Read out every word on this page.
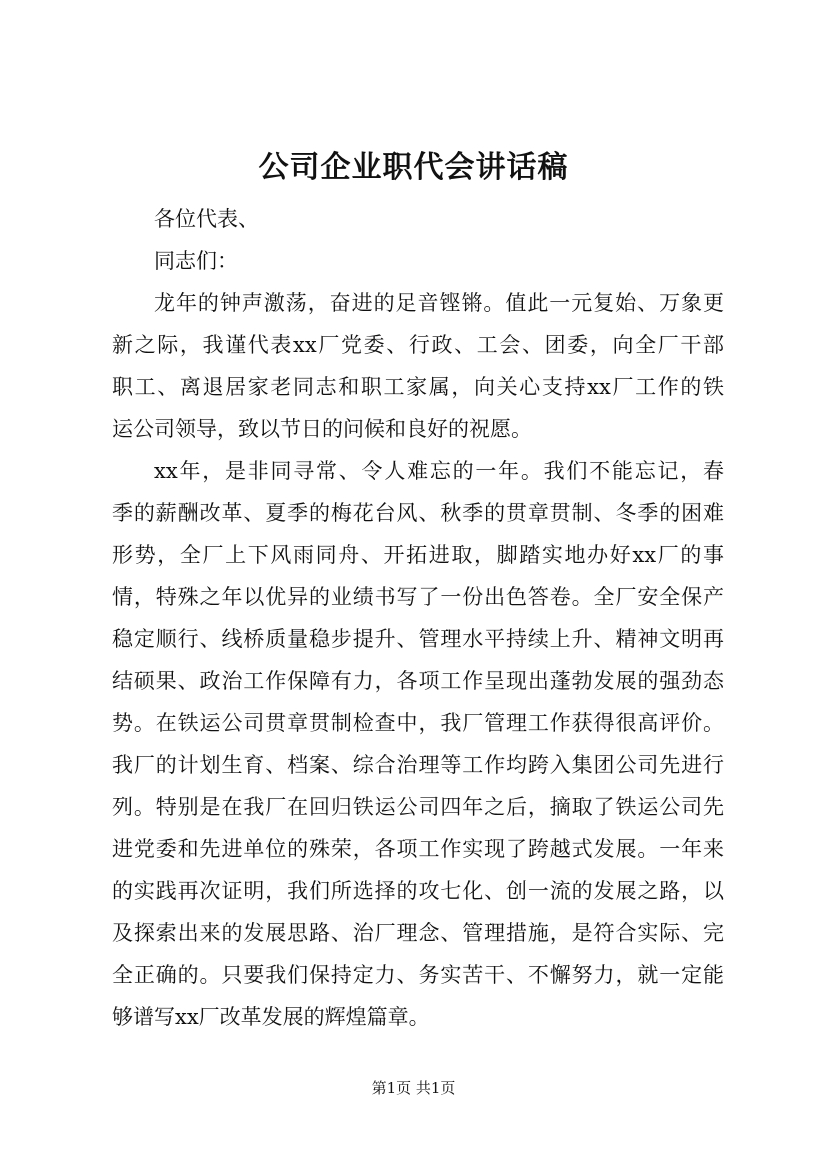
公司企业职代会讲话稿
各位代表、
同志们：
龙年的钟声激荡，奋进的足音铿锵。值此一元复始、万象更
新之际，我谨代表xx厂党委、行政、工会、团委，向全厂干部
职工、离退居家老同志和职工家属，向关心支持xx厂工作的铁
运公司领导，致以节日的问候和良好的祝愿。
xx年，是非同寻常、令人难忘的一年。我们不能忘记，春
季的薪酬改革、夏季的梅花台风、秋季的贯章贯制、冬季的困难
形势，全厂上下风雨同舟、开拓进取，脚踏实地办好xx厂的事
情，特殊之年以优异的业绩书写了一份出色答卷。全厂安全保产
稳定顺行、线桥质量稳步提升、管理水平持续上升、精神文明再
结硕果、政治工作保障有力，各项工作呈现出蓬勃发展的强劲态
势。在铁运公司贯章贯制检查中，我厂管理工作获得很高评价。
我厂的计划生育、档案、综合治理等工作均跨入集团公司先进行
列。特别是在我厂在回归铁运公司四年之后，摘取了铁运公司先
进党委和先进单位的殊荣，各项工作实现了跨越式发展。一年来
的实践再次证明，我们所选择的攻七化、创一流的发展之路，以
及探索出来的发展思路、治厂理念、管理措施，是符合实际、完
全正确的。只要我们保持定力、务实苦干、不懈努力，就一定能
够谱写xx厂改革发展的辉煌篇章。
第1页 共1页
